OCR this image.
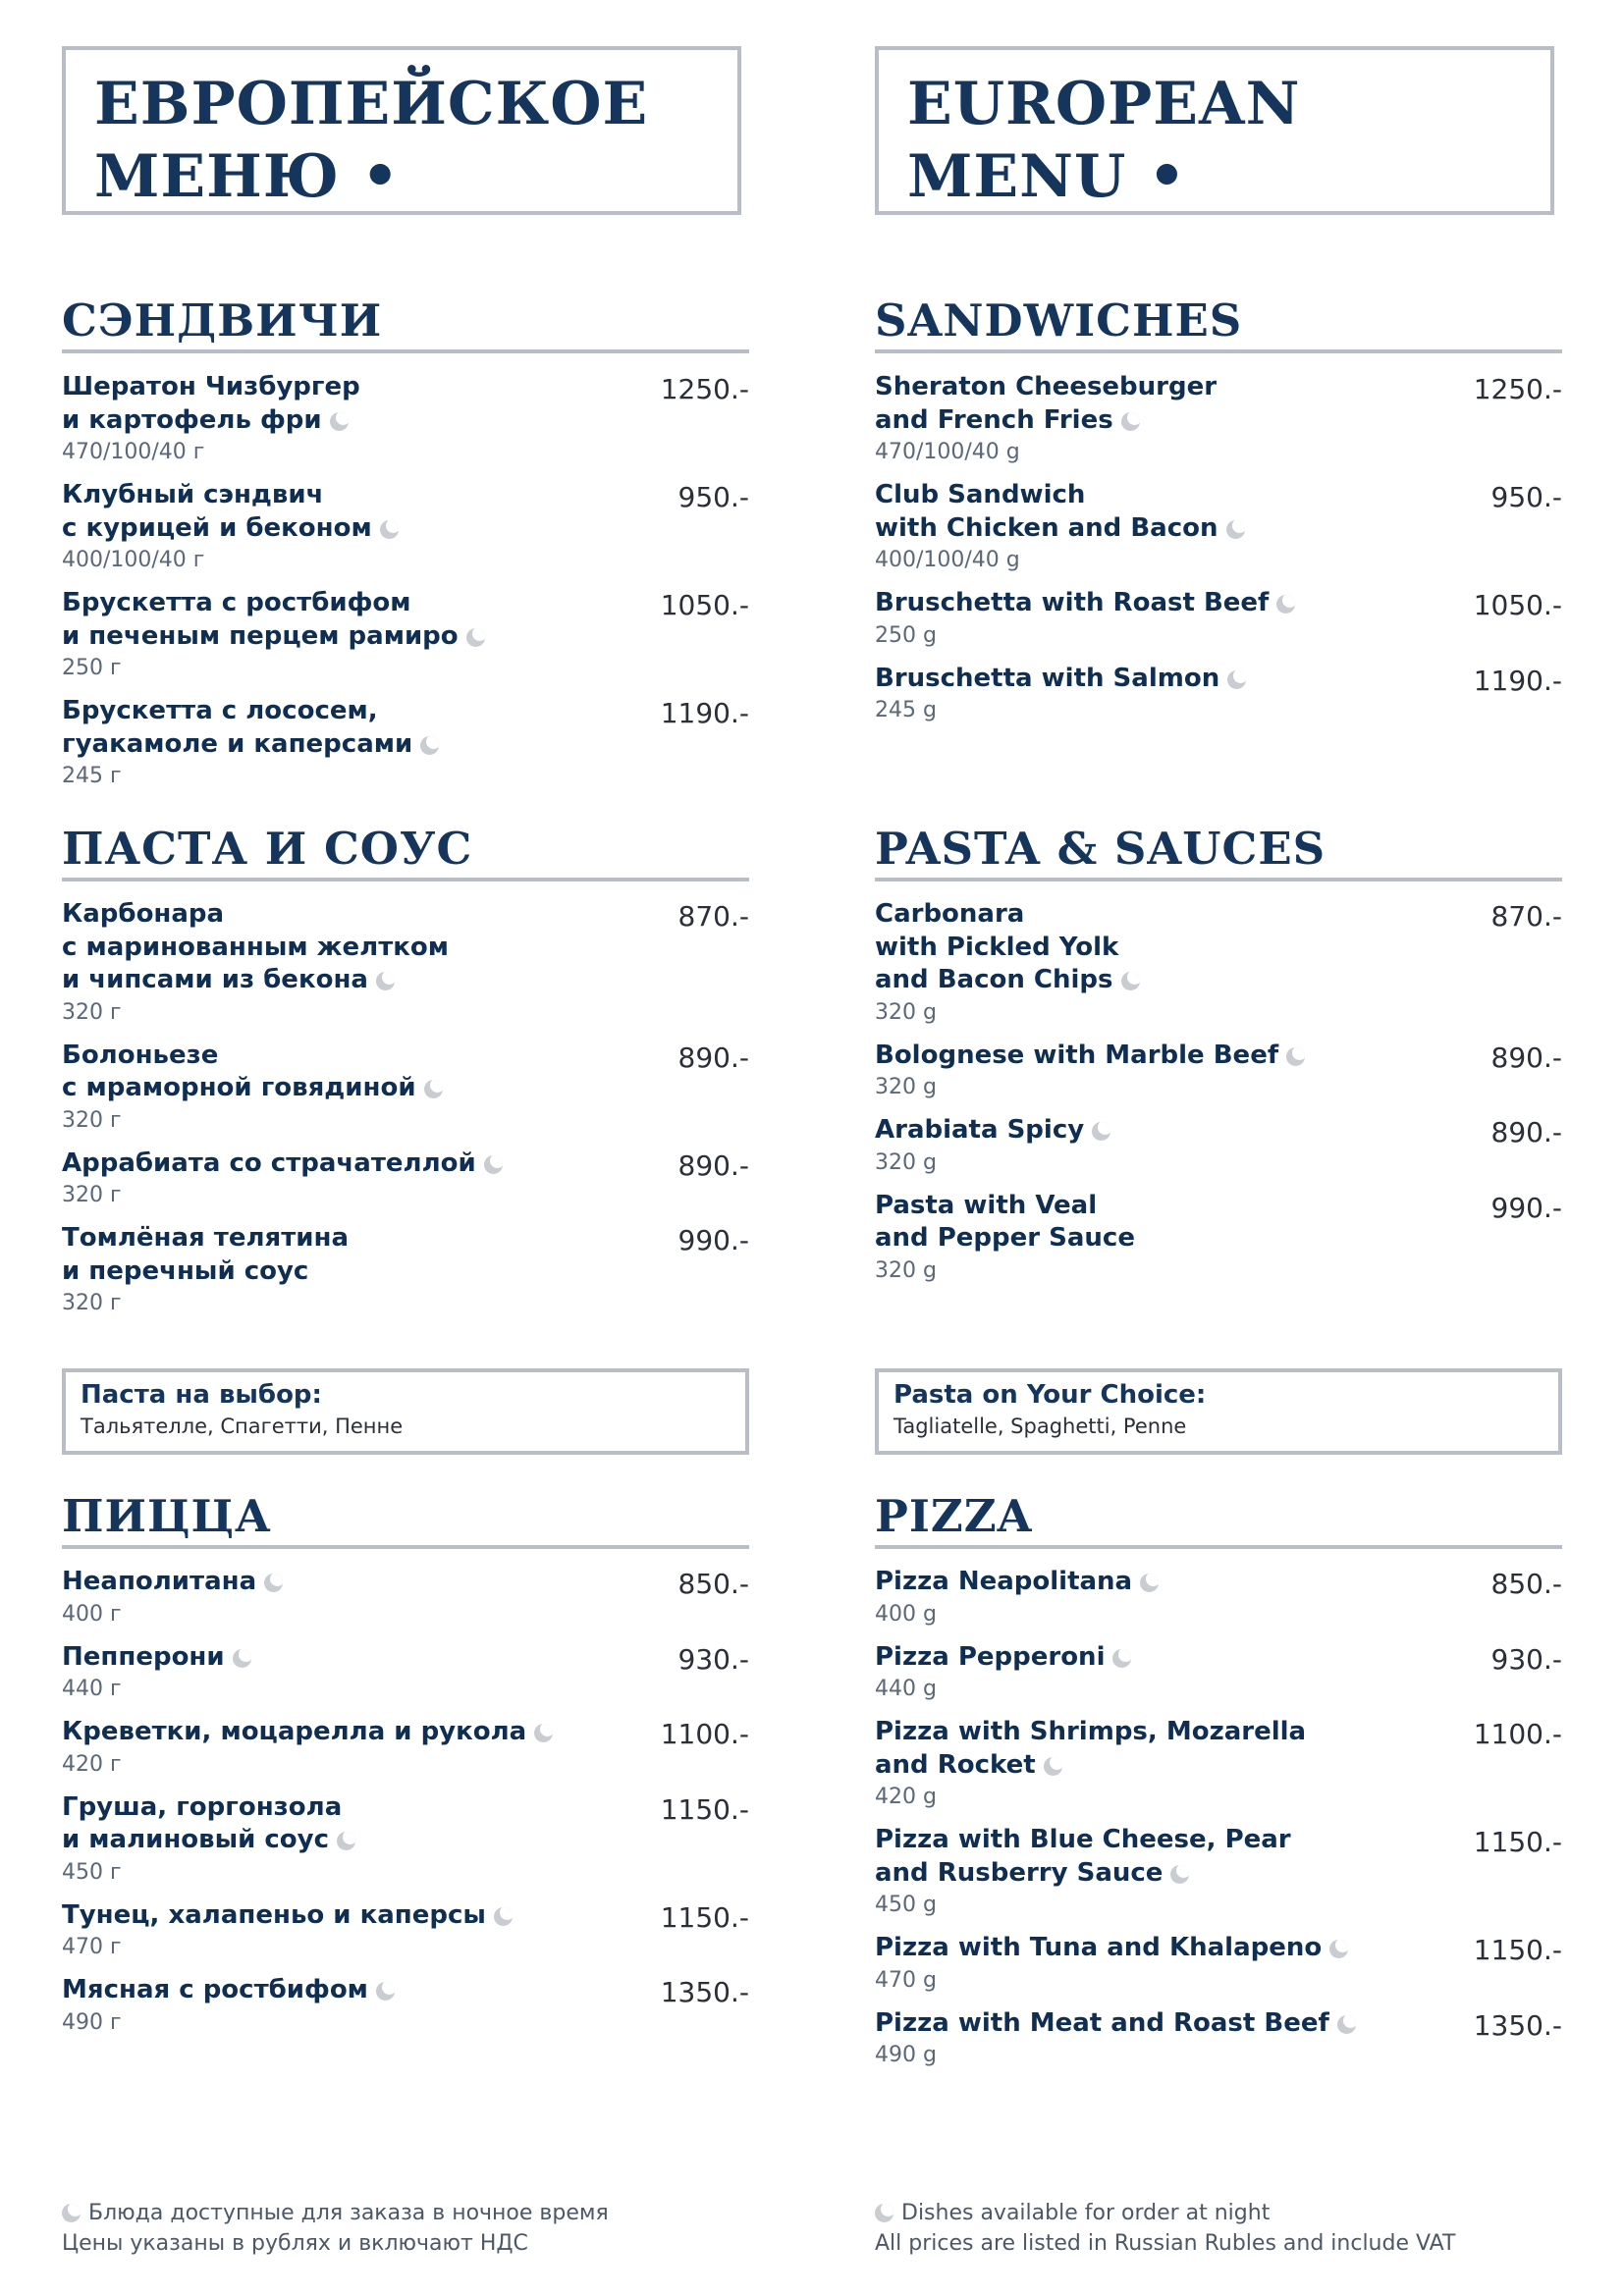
ЕВРОПЕЙСКОЕ
МЕНЮ •
СЭНДВИЧИ
Шератон Чизбургер
и картофель фри
470/100/40 г
1250.-
Клубный сэндвич
с курицей и беконом
400/100/40 г
950.-
Брускетта с ростбифом
и печеным перцем рамиро
250 г
1050.-
Брускетта с лососем,
гуакамоле и каперсами
245 г
1190.-
ПАСТА И СОУС
Карбонара
с маринованным желтком
и чипсами из бекона
320 г
870.-
Болоньезе
с мраморной говядиной
320 г
890.-
Аррабиата со страчателлой
320 г
890.-
Томлёная телятина
и перечный соус
320 г
990.-
Паста на выбор:
Тальятелле, Спагетти, Пенне
ПИЦЦА
Неаполитана
400 г
850.-
Пепперони
440 г
930.-
Креветки, моцарелла и рукола
420 г
1100.-
Груша, горгонзола
и малиновый соус
450 г
1150.-
Тунец, халапеньо и каперсы
470 г
1150.-
Мясная с ростбифом
490 г
1350.-
Блюда доступные для заказа в ночное время
Цены указаны в рублях и включают НДС
EUROPEAN
MENU •
SANDWICHES
Sheraton Cheeseburger
and French Fries
470/100/40 g
1250.-
Club Sandwich
with Chicken and Bacon
400/100/40 g
950.-
Bruschetta with Roast Beef
250 g
1050.-
Bruschetta with Salmon
245 g
1190.-
PASTA & SAUCES
Carbonara
with Pickled Yolk
and Bacon Chips
320 g
870.-
Bolognese with Marble Beef
320 g
890.-
Arabiata Spicy
320 g
890.-
Pasta with Veal
and Pepper Sauce
320 g
990.-
Pasta on Your Choice:
Tagliatelle, Spaghetti, Penne
PIZZA
Pizza Neapolitana
400 g
850.-
Pizza Pepperoni
440 g
930.-
Pizza with Shrimps, Mozarella
and Rocket
420 g
1100.-
Pizza with Blue Cheese, Pear
and Rusberry Sauce
450 g
1150.-
Pizza with Tuna and Khalapeno
470 g
1150.-
Pizza with Meat and Roast Beef
490 g
1350.-
Dishes available for order at night
All prices are listed in Russian Rubles and include VAT
